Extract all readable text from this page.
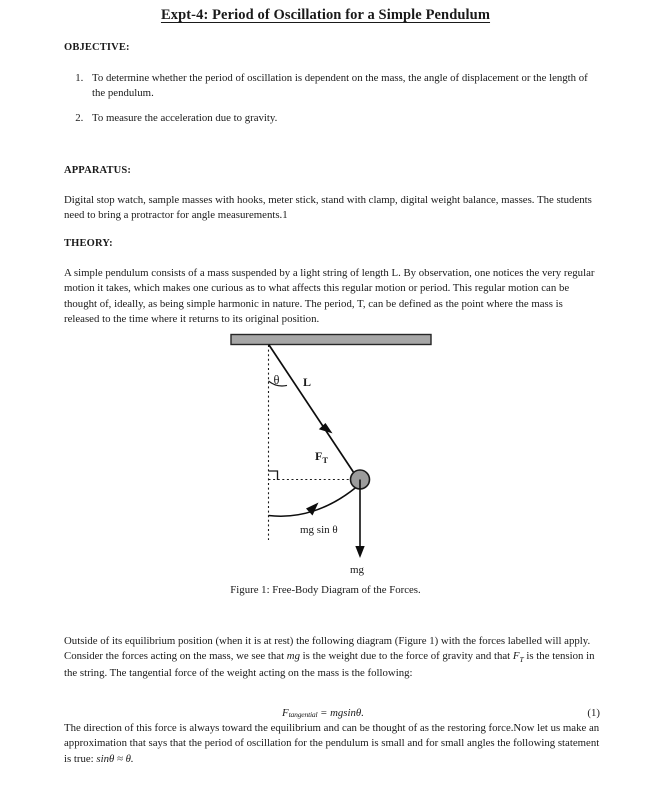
Expt-4: Period of Oscillation for a Simple Pendulum
OBJECTIVE:
1. To determine whether the period of oscillation is dependent on the mass, the angle of displacement or the length of the pendulum.
2. To measure the acceleration due to gravity.
APPARATUS:
Digital stop watch, sample masses with hooks, meter stick, stand with clamp, digital weight balance, masses. The students need to bring a protractor for angle measurements.1
THEORY:
A simple pendulum consists of a mass suspended by a light string of length L. By observation, one notices the very regular motion it takes, which makes one curious as to what affects this regular motion or period. This regular motion can be thought of, ideally, as being simple harmonic in nature. The period, T, can be defined as the point where the mass is released to the time where it returns to its original position.
θ L
$F_T$
mg sin θ
mg
Figure 1: Free-Body Diagram of the Forces.
Outside of its equilibrium position (when it is at rest) the following diagram (Figure 1) with the forces labelled will apply. Consider the forces acting on the mass, we see that mg is the weight due to the force of gravity and that $F_T$ is the tension in the string. The tangential force of the weight acting on the mass is the following:
Ftangential = mgsinθ.	(1)
The direction of this force is always toward the equilibrium and can be thought of as the restoring force.Now let us make an approximation that says that the period of oscillation for the pendulum is small and for small angles the following statement is true: sinθ ≈ θ.
